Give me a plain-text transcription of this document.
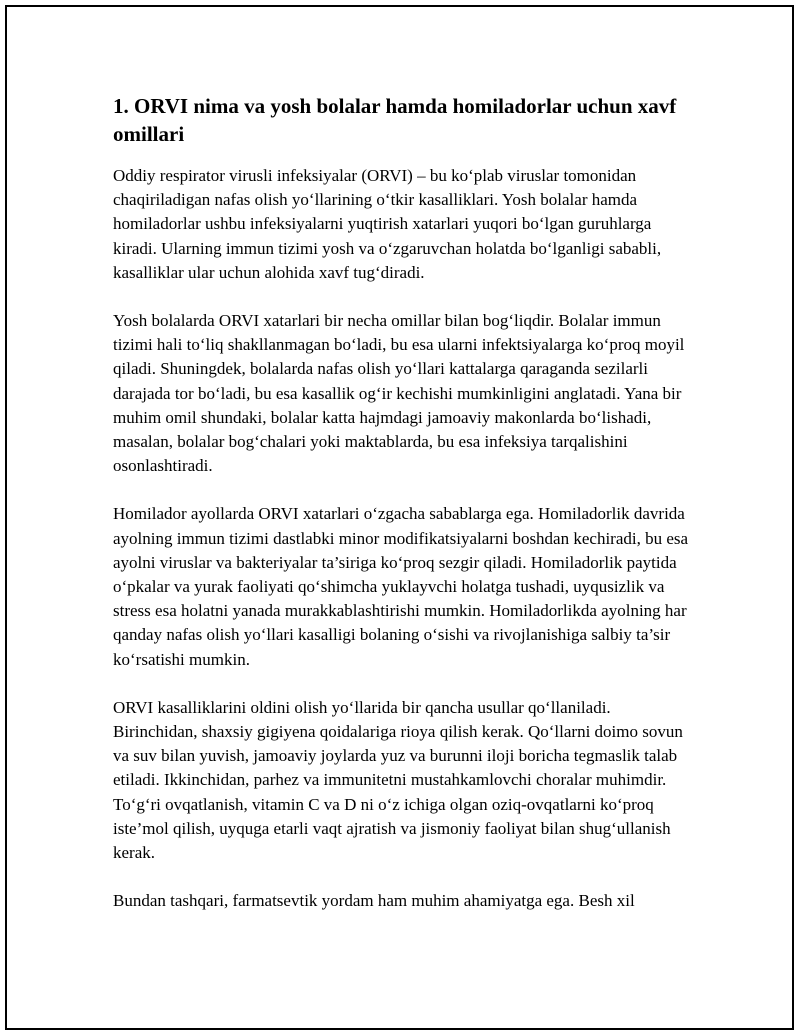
1. ORVI nima va yosh bolalar hamda homiladorlar uchun xavf omillari

Oddiy respirator virusli infeksiyalar (ORVI) – bu ko‘plab viruslar tomonidan chaqiriladigan nafas olish yo‘llarining o‘tkir kasalliklari. Yosh bolalar hamda homiladorlar ushbu infeksiyalarni yuqtirish xatarlari yuqori bo‘lgan guruhlarga kiradi. Ularning immun tizimi yosh va o‘zgaruvchan holatda bo‘lganligi sababli, kasalliklar ular uchun alohida xavf tug‘diradi.

Yosh bolalarda ORVI xatarlari bir necha omillar bilan bog‘liqdir. Bolalar immun tizimi hali to‘liq shakllanmagan bo‘ladi, bu esa ularni infektsiyalarga ko‘proq moyil qiladi. Shuningdek, bolalarda nafas olish yo‘llari kattalarga qaraganda sezilarli darajada tor bo‘ladi, bu esa kasallik og‘ir kechishi mumkinligini anglatadi. Yana bir muhim omil shundaki, bolalar katta hajmdagi jamoaviy makonlarda bo‘lishadi, masalan, bolalar bog‘chalari yoki maktablarda, bu esa infeksiya tarqalishini osonlashtiradi.

Homilador ayollarda ORVI xatarlari o‘zgacha sabablarga ega. Homiladorlik davrida ayolning immun tizimi dastlabki minor modifikatsiyalarni boshdan kechiradi, bu esa ayolni viruslar va bakteriyalar ta’siriga ko‘proq sezgir qiladi. Homiladorlik paytida o‘pkalar va yurak faoliyati qo‘shimcha yuklayvchi holatga tushadi, uyqusizlik va stress esa holatni yanada murakkablashtirishi mumkin. Homiladorlikda ayolning har qanday nafas olish yo‘llari kasalligi bolaning o‘sishi va rivojlanishiga salbiy ta’sir ko‘rsatishi mumkin.

ORVI kasalliklarini oldini olish yo‘llarida bir qancha usullar qo‘llaniladi. Birinchidan, shaxsiy gigiyena qoidalariga rioya qilish kerak. Qo‘llarni doimo sovun va suv bilan yuvish, jamoaviy joylarda yuz va burunni iloji boricha tegmaslik talab etiladi. Ikkinchidan, parhez va immunitetni mustahkamlovchi choralar muhimdir. To‘g‘ri ovqatlanish, vitamin C va D ni o‘z ichiga olgan oziq-ovqatlarni ko‘proq iste’mol qilish, uyquga etarli vaqt ajratish va jismoniy faoliyat bilan shug‘ullanish kerak.

Bundan tashqari, farmatsevtik yordam ham muhim ahamiyatga ega. Besh xil
